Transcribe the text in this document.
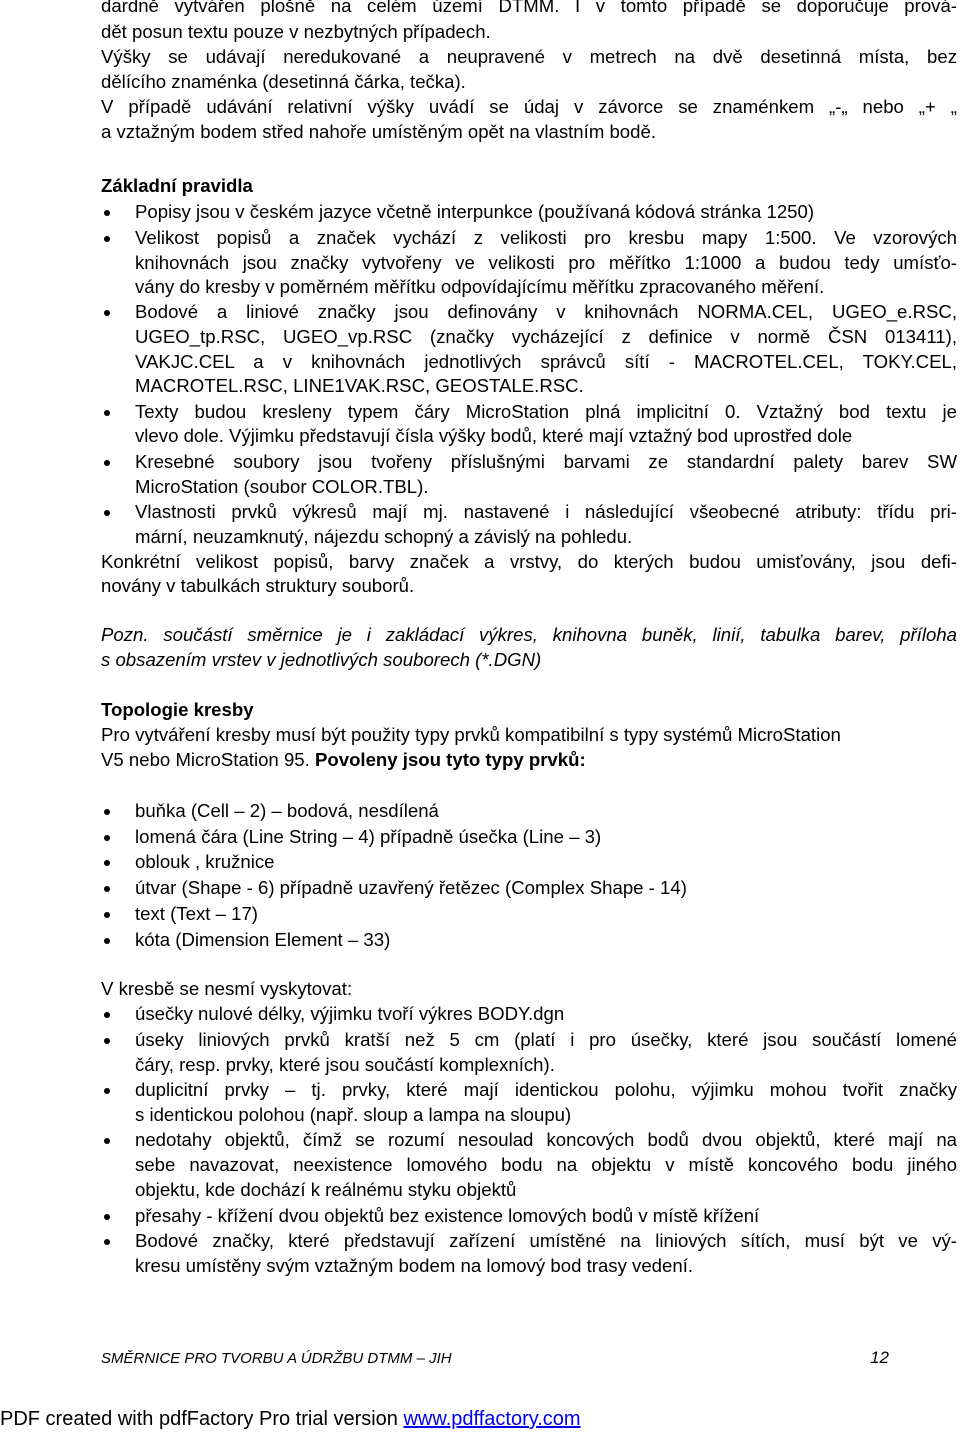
dardně vytvářen plošně na celém území DTMM. I v tomto případě se doporučuje prová-
dět posun textu pouze v nezbytných případech.
Výšky se udávají neredukované a neupravené v metrech na dvě desetinná místa, bez
dělícího znaménka (desetinná čárka, tečka).
V případě udávání relativní výšky uvádí se údaj v závorce se znaménkem „-„ nebo „+ „
a vztažným bodem střed nahoře umístěným opět na vlastním bodě.
Základní pravidla
Popisy jsou v českém jazyce včetně interpunkce (používaná kódová stránka 1250)
Velikost popisů a značek vychází z velikosti pro kresbu mapy 1:500. Ve vzorových
knihovnách jsou značky vytvořeny ve velikosti pro měřítko 1:1000 a budou tedy umísťo-
vány do kresby v poměrném měřítku odpovídajícímu měřítku zpracovaného měření.
Bodové a liniové značky jsou definovány v knihovnách NORMA.CEL, UGEO_e.RSC,
UGEO_tp.RSC, UGEO_vp.RSC (značky vycházející z definice v normě ČSN 013411),
VAKJC.CEL a v knihovnách jednotlivých správců sítí - MACROTEL.CEL, TOKY.CEL,
MACROTEL.RSC, LINE1VAK.RSC, GEOSTALE.RSC.
Texty budou kresleny typem čáry MicroStation plná implicitní 0. Vztažný bod textu je
vlevo dole. Výjimku představují čísla výšky bodů, které mají vztažný bod uprostřed dole
Kresebné soubory jsou tvořeny příslušnými barvami ze standardní palety barev SW
MicroStation (soubor COLOR.TBL).
Vlastnosti prvků výkresů mají mj. nastavené i následující všeobecné atributy: třídu pri-
mární, neuzamknutý, nájezdu schopný a závislý na pohledu.
Konkrétní velikost popisů, barvy značek a vrstvy, do kterých budou umisťovány, jsou defi-
novány v tabulkách struktury souborů.
Pozn. součástí směrnice je i zakládací výkres, knihovna buněk, linií, tabulka barev, příloha
s obsazením vrstev v jednotlivých souborech (*.DGN)
Topologie kresby
Pro vytváření kresby musí být použity typy prvků kompatibilní s typy systémů MicroStation
V5 nebo MicroStation 95. Povoleny jsou tyto typy prvků:
buňka (Cell – 2) – bodová, nesdílená
lomená čára (Line String – 4) případně úsečka (Line – 3)
oblouk , kružnice
útvar (Shape - 6) případně uzavřený řetězec (Complex Shape - 14)
text (Text – 17)
kóta (Dimension Element – 33)
V kresbě se nesmí vyskytovat:
úsečky nulové délky, výjimku tvoří výkres BODY.dgn
úseky liniových prvků kratší než 5 cm (platí i pro úsečky, které jsou součástí lomené
čáry, resp. prvky, které jsou součástí komplexních).
duplicitní prvky – tj. prvky, které mají identickou polohu, výjimku mohou tvořit značky
s identickou polohou (např. sloup a lampa na sloupu)
nedotahy objektů, čímž se rozumí nesoulad koncových bodů dvou objektů, které mají na
sebe navazovat, neexistence lomového bodu na objektu v místě koncového bodu jiného
objektu, kde dochází k reálnému styku objektů
přesahy - křížení dvou objektů bez existence lomových bodů v místě křížení
Bodové značky, které představují zařízení umístěné na liniových sítích, musí být ve vý-
kresu umístěny svým vztažným bodem na lomový bod trasy vedení.
SMĚRNICE PRO TVORBU A ÚDRŽBU DTMM – JIH	12
PDF created with pdfFactory Pro trial version www.pdffactory.com
